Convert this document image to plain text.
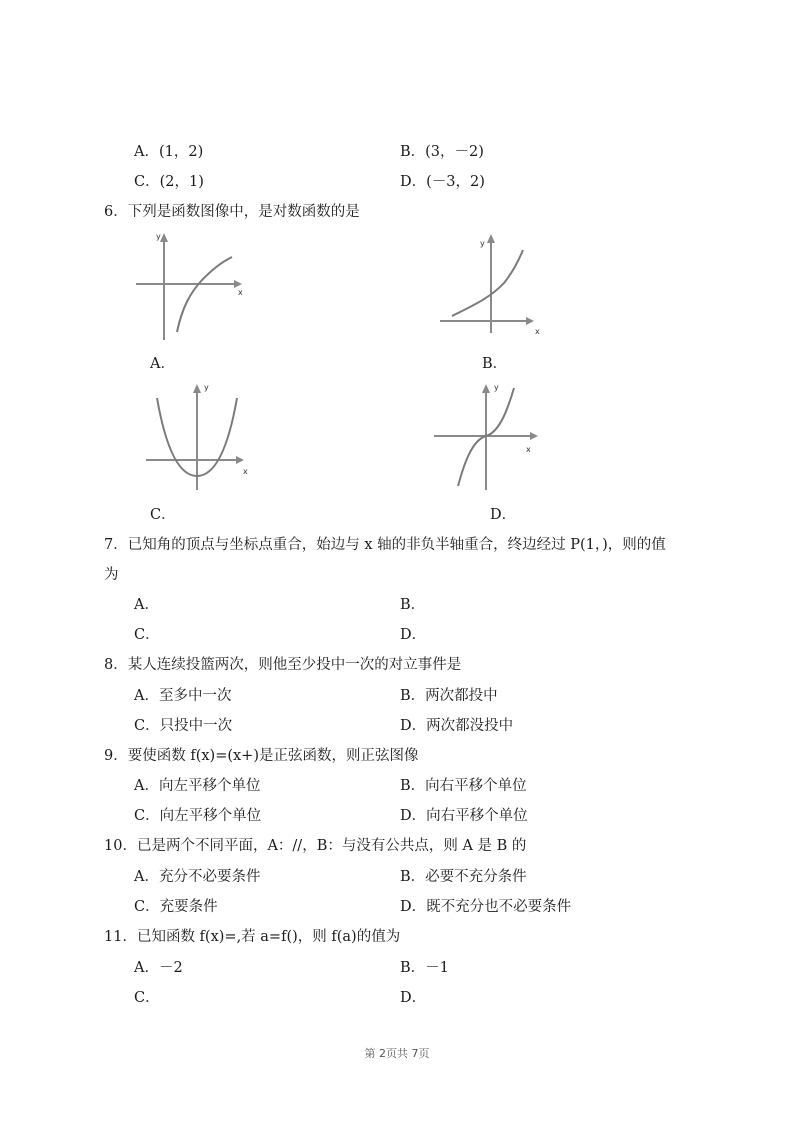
A．(1，2)	B．(3，－2)
C．(2，1)	D．(－3，2)
6．下列是函数图像中，是对数函数的是
y
x
A．
y
x
B．
y
x
C．
y
x
D．
7．已知角的顶点与坐标点重合，始边与 x 轴的非负半轴重合，终边经过 P(1，)，则的值
为
A．	B．
C．	D．
8．某人连续投篮两次，则他至少投中一次的对立事件是
A．至多中一次	B．两次都投中
C．只投中一次	D．两次都没投中
9．要使函数 f(x)=(x+)是正弦函数，则正弦图像
A．向左平移个单位	B．向右平移个单位
C．向左平移个单位	D．向右平移个单位
10．已是两个不同平面，A：//，B：与没有公共点，则 A 是 B 的
A．充分不必要条件	B．必要不充分条件
C．充要条件	D．既不充分也不必要条件
11．已知函数 f(x)=,若 a=f()，则 f(a)的值为
A．－2	B．－1
C．	D．
第 2页共 7页
